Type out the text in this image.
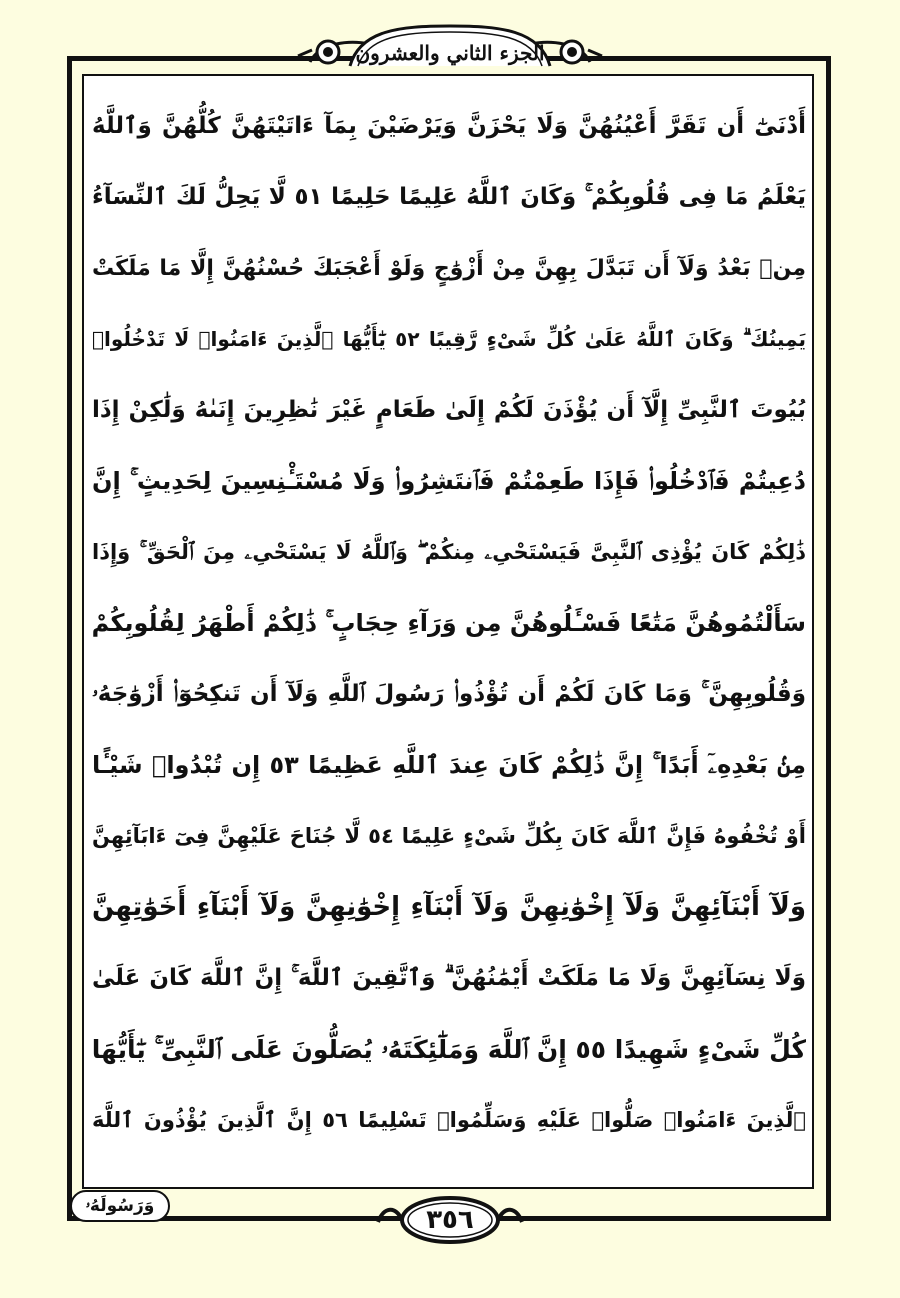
الجزء الثاني والعشرون
أَدْنَىٰٓ أَن تَقَرَّ أَعْيُنُهُنَّ وَلَا يَحْزَنَّ وَيَرْضَيْنَ بِمَآ ءَاتَيْتَهُنَّ كُلُّهُنَّ وَٱللَّهُ
يَعْلَمُ مَا فِى قُلُوبِكُمْ ۚ وَكَانَ ٱللَّهُ عَلِيمًا حَلِيمًا ٥١ لَّا يَحِلُّ لَكَ ٱلنِّسَآءُ
مِنۢ بَعْدُ وَلَآ أَن تَبَدَّلَ بِهِنَّ مِنْ أَزْوَٰجٍ وَلَوْ أَعْجَبَكَ حُسْنُهُنَّ إِلَّا مَا مَلَكَتْ
يَمِينُكَ ۗ وَكَانَ ٱللَّهُ عَلَىٰ كُلِّ شَىْءٍ رَّقِيبًا ٥٢ يَٰٓأَيُّهَا ٱلَّذِينَ ءَامَنُوا۟ لَا تَدْخُلُوا۟
بُيُوتَ ٱلنَّبِىِّ إِلَّآ أَن يُؤْذَنَ لَكُمْ إِلَىٰ طَعَامٍ غَيْرَ نَٰظِرِينَ إِنَىٰهُ وَلَٰكِنْ إِذَا
دُعِيتُمْ فَٱدْخُلُوا۟ فَإِذَا طَعِمْتُمْ فَٱنتَشِرُوا۟ وَلَا مُسْتَـْٔنِسِينَ لِحَدِيثٍ ۚ إِنَّ
ذَٰلِكُمْ كَانَ يُؤْذِى ٱلنَّبِىَّ فَيَسْتَحْىِۦ مِنكُمْ ۖ وَٱللَّهُ لَا يَسْتَحْىِۦ مِنَ ٱلْحَقِّ ۚ وَإِذَا
سَأَلْتُمُوهُنَّ مَتَٰعًا فَسْـَٔلُوهُنَّ مِن وَرَآءِ حِجَابٍ ۚ ذَٰلِكُمْ أَطْهَرُ لِقُلُوبِكُمْ
وَقُلُوبِهِنَّ ۚ وَمَا كَانَ لَكُمْ أَن تُؤْذُوا۟ رَسُولَ ٱللَّهِ وَلَآ أَن تَنكِحُوٓا۟ أَزْوَٰجَهُۥ
مِنۢ بَعْدِهِۦٓ أَبَدًا ۚ إِنَّ ذَٰلِكُمْ كَانَ عِندَ ٱللَّهِ عَظِيمًا ٥٣ إِن تُبْدُوا۟ شَيْـًٔا
أَوْ تُخْفُوهُ فَإِنَّ ٱللَّهَ كَانَ بِكُلِّ شَىْءٍ عَلِيمًا ٥٤ لَّا جُنَاحَ عَلَيْهِنَّ فِىٓ ءَابَآئِهِنَّ
وَلَآ أَبْنَآئِهِنَّ وَلَآ إِخْوَٰنِهِنَّ وَلَآ أَبْنَآءِ إِخْوَٰنِهِنَّ وَلَآ أَبْنَآءِ أَخَوَٰتِهِنَّ
وَلَا نِسَآئِهِنَّ وَلَا مَا مَلَكَتْ أَيْمَٰنُهُنَّ ۗ وَٱتَّقِينَ ٱللَّهَ ۚ إِنَّ ٱللَّهَ كَانَ عَلَىٰ
كُلِّ شَىْءٍ شَهِيدًا ٥٥ إِنَّ ٱللَّهَ وَمَلَٰٓئِكَتَهُۥ يُصَلُّونَ عَلَى ٱلنَّبِىِّ ۚ يَٰٓأَيُّهَا
ٱلَّذِينَ ءَامَنُوا۟ صَلُّوا۟ عَلَيْهِ وَسَلِّمُوا۟ تَسْلِيمًا ٥٦ إِنَّ ٱلَّذِينَ يُؤْذُونَ ٱللَّهَ
وَرَسُولَهُۥ	٣٥٦
